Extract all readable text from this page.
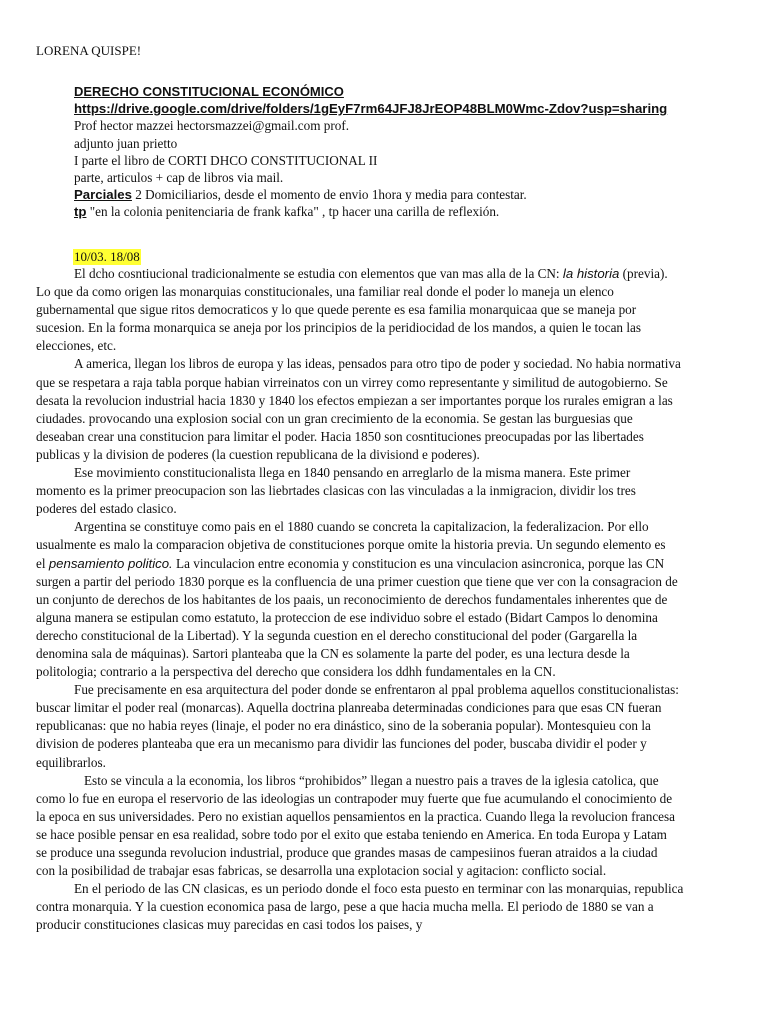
LORENA QUISPE!
DERECHO CONSTITUCIONAL ECONÓMICO
https://drive.google.com/drive/folders/1gEyF7rm64JFJ8JrEOP48BLM0Wmc-Zdov?usp=sharing
Prof hector mazzei hectorsmazzei@gmail.com prof.
adjunto juan prietto
I parte el libro de CORTI DHCO CONSTITUCIONAL II
parte, articulos + cap de libros via mail.
Parciales 2 Domiciliarios, desde el momento de envio 1hora y media para contestar.
tp "en la colonia penitenciaria de frank kafka" , tp hacer una carilla de reflexión.
10/03. 18/08
El dcho cosntiucional tradicionalmente se estudia con elementos que van mas alla de la CN: la historia (previa).
Lo que da como origen las monarquias constitucionales, una familiar real donde el poder lo maneja un elenco
gubernamental que sigue ritos democraticos y lo que quede perente es esa familia monarquicaa que se maneja por
sucesion. En la forma monarquica se aneja por los principios de la peridiocidad de los mandos, a quien le tocan las
elecciones, etc.
A america, llegan los libros de europa y las ideas, pensados para otro tipo de poder y sociedad. No habia normativa
que se respetara a raja tabla porque habian virreinatos con un virrey como representante y similitud de autogobierno. Se
desata la revolucion industrial hacia 1830 y 1840 los efectos empiezan a ser importantes porque los rurales emigran a las
ciudades. provocando una explosion social con un gran crecimiento de la economia. Se gestan las burguesias que
deseaban crear una constitucion para limitar el poder. Hacia 1850 son cosntituciones preocupadas por las libertades
publicas y la division de poderes (la cuestion republicana de la divisiond e poderes).
Ese movimiento constitucionalista llega en 1840 pensando en arreglarlo de la misma manera. Este primer
momento es la primer preocupacion son las liebrtades clasicas con las vinculadas a la inmigracion, dividir los tres
poderes del estado clasico.
Argentina se constituye como pais en el 1880 cuando se concreta la capitalizacion, la federalizacion. Por ello
usualmente es malo la comparacion objetiva de constituciones porque omite la historia previa. Un segundo elemento es
el pensamiento politico. La vinculacion entre economia y constitucion es una vinculacion asincronica, porque las CN
surgen a partir del periodo 1830 porque es la confluencia de una primer cuestion que tiene que ver con la consagracion de
un conjunto de derechos de los habitantes de los paais, un reconocimiento de derechos fundamentales inherentes que de
alguna manera se estipulan como estatuto, la proteccion de ese individuo sobre el estado (Bidart Campos lo denomina
derecho constitucional de la Libertad). Y la segunda cuestion en el derecho constitucional del poder (Gargarella la
denomina sala de máquinas). Sartori planteaba que la CN es solamente la parte del poder, es una lectura desde la
politologia; contrario a la perspectiva del derecho que considera los ddhh fundamentales en la CN.
Fue precisamente en esa arquitectura del poder donde se enfrentaron al ppal problema aquellos constitucionalistas:
buscar limitar el poder real (monarcas). Aquella doctrina planreaba determinadas condiciones para que esas CN fueran
republicanas: que no habia reyes (linaje, el poder no era dinástico, sino de la soberania popular). Montesquieu con la
division de poderes planteaba que era un mecanismo para dividir las funciones del poder, buscaba dividir el poder y
equilibrarlos.
Esto se vincula a la economia, los libros “prohibidos” llegan a nuestro pais a traves de la iglesia catolica, que
como lo fue en europa el reservorio de las ideologias un contrapoder muy fuerte que fue acumulando el conocimiento de
la epoca en sus universidades. Pero no existian aquellos pensamientos en la practica. Cuando llega la revolucion francesa
se hace posible pensar en esa realidad, sobre todo por el exito que estaba teniendo en America. En toda Europa y Latam
se produce una ssegunda revolucion industrial, produce que grandes masas de campesiinos fueran atraidos a la ciudad
con la posibilidad de trabajar esas fabricas, se desarrolla una explotacion social y agitacion: conflicto social.
En el periodo de las CN clasicas, es un periodo donde el foco esta puesto en terminar con las monarquias, republica
contra monarquia. Y la cuestion economica pasa de largo, pese a que hacia mucha mella. El periodo de 1880 se van a
producir constituciones clasicas muy parecidas en casi todos los paises, y
